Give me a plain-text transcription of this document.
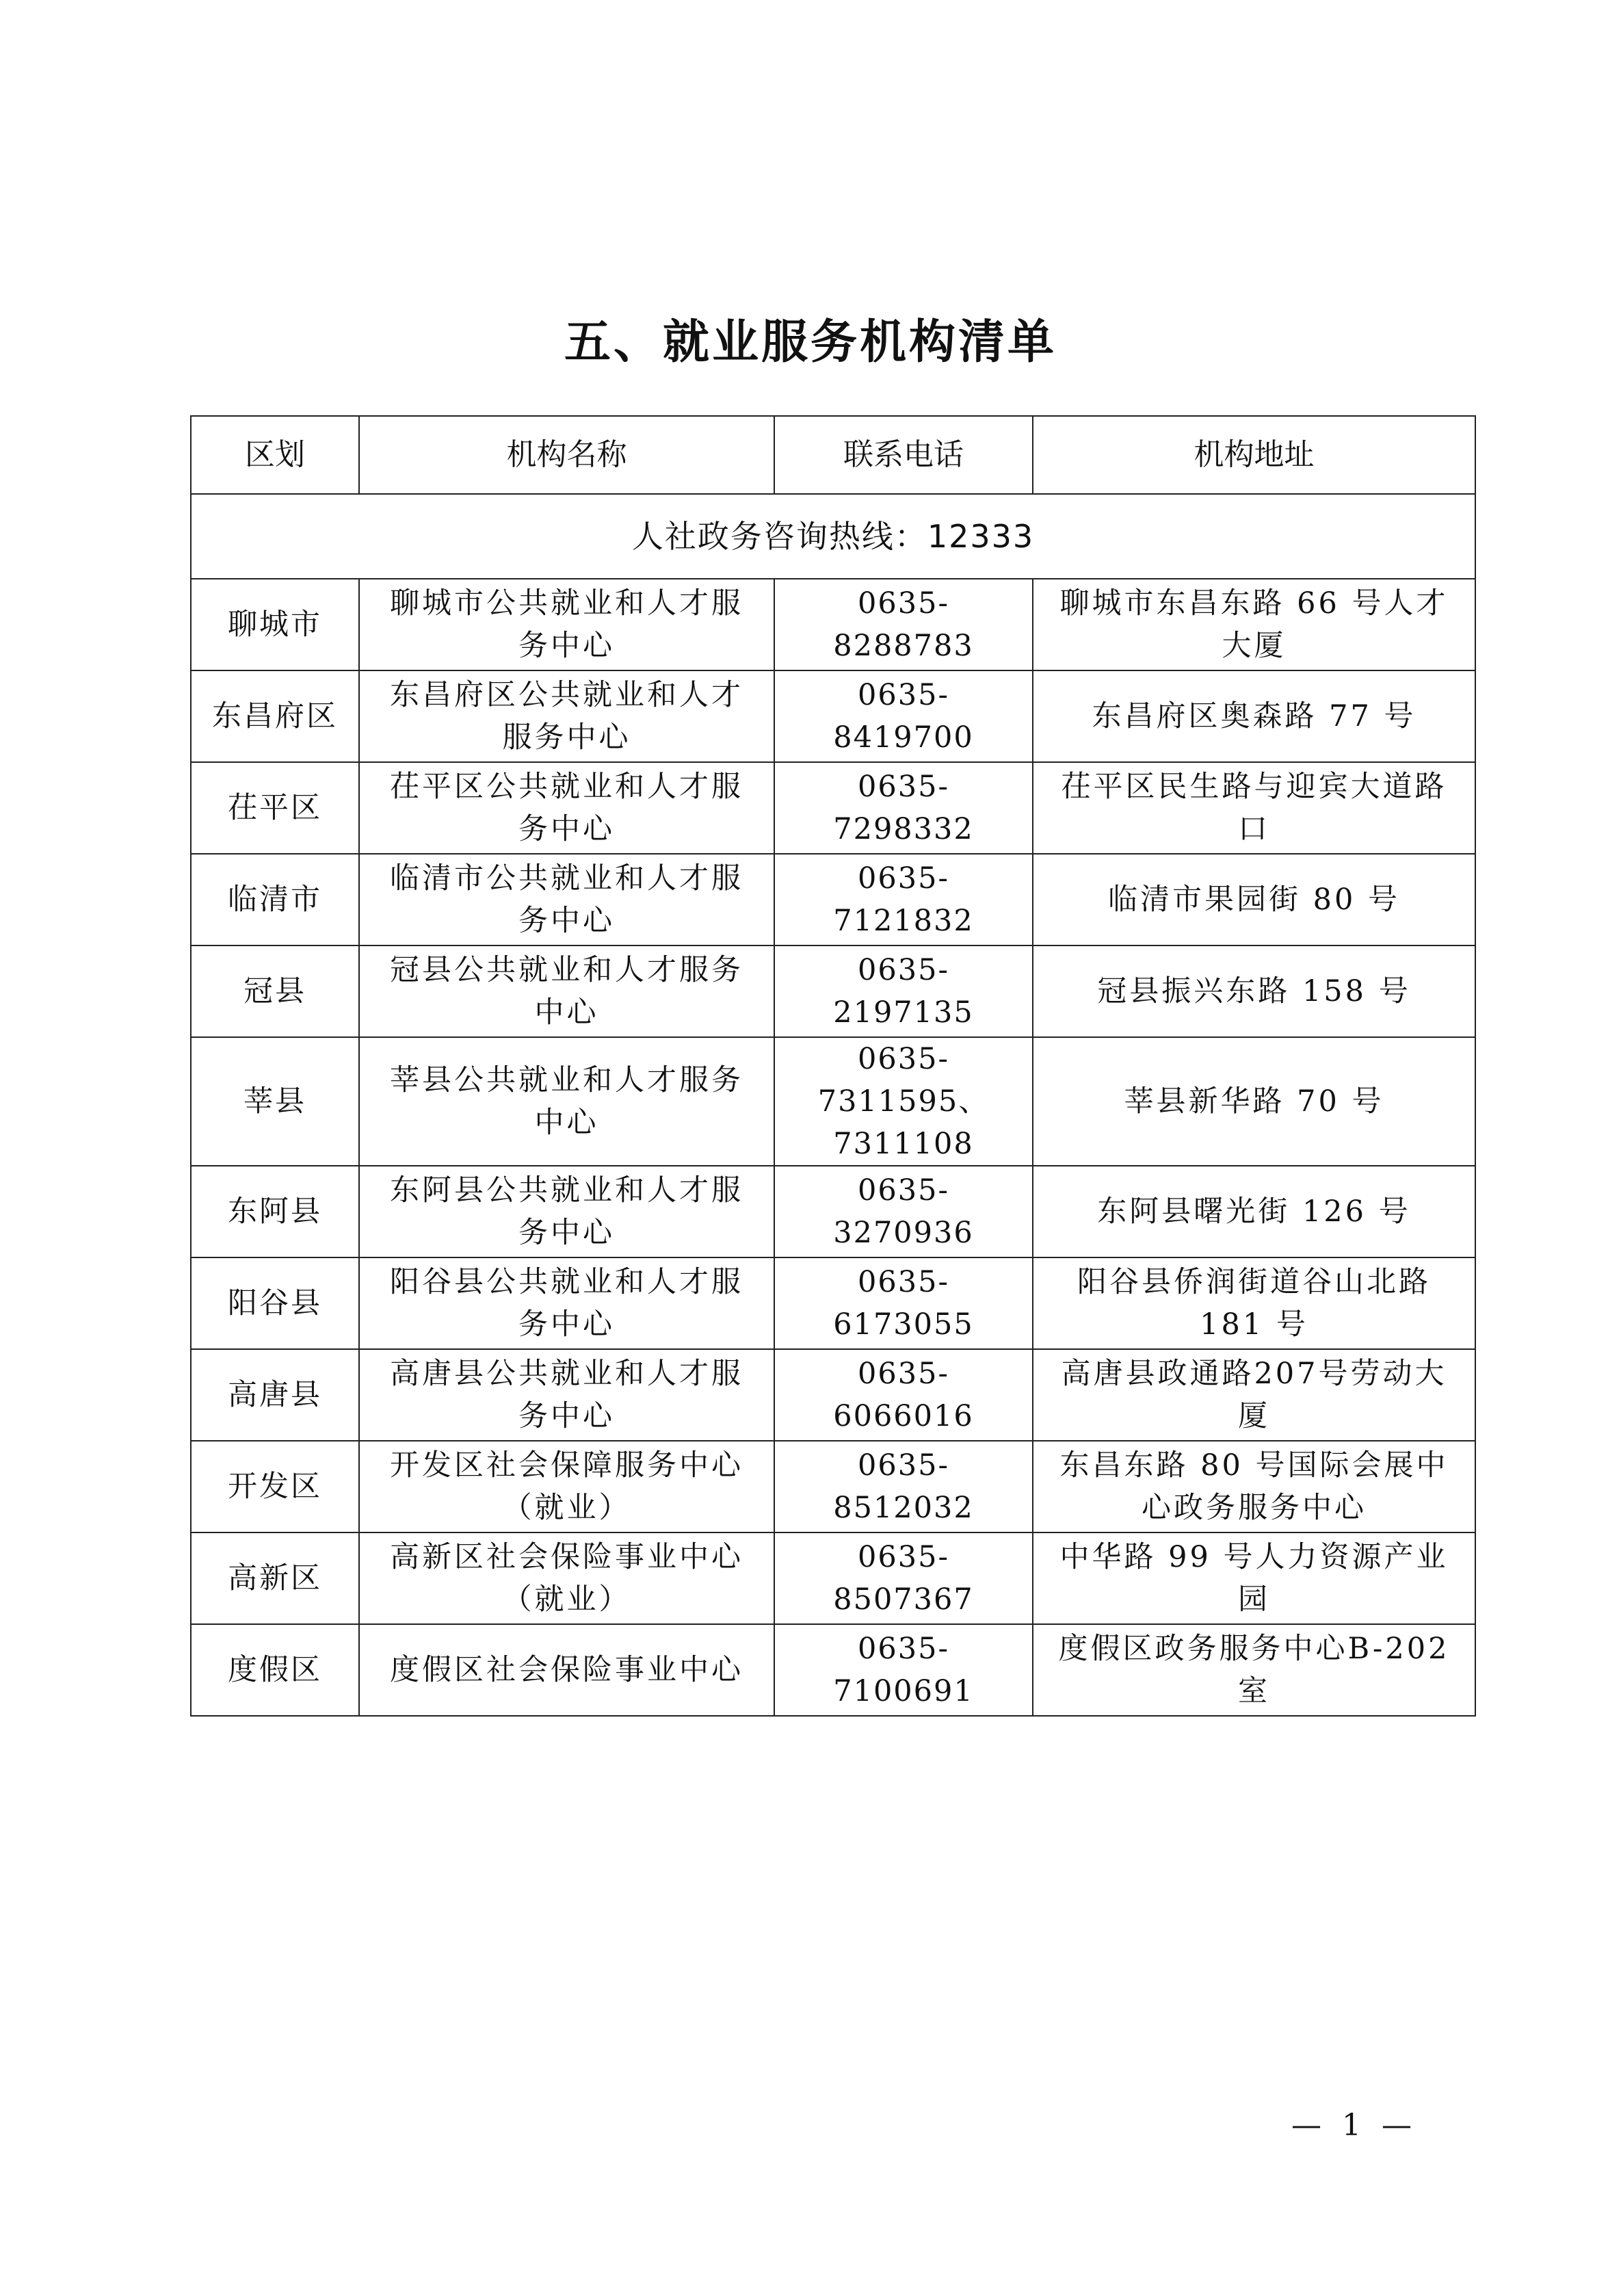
五、就业服务机构清单
区划	机构名称	联系电话	机构地址
人社政务咨询热线：12333			
聊城市	聊城市公共就业和人才服务中心	0635-8288783	聊城市东昌东路 66 号人才大厦
东昌府区	东昌府区公共就业和人才服务中心	0635-8419700	东昌府区奥森路 77 号
茌平区	茌平区公共就业和人才服务中心	0635-7298332	茌平区民生路与迎宾大道路口
临清市	临清市公共就业和人才服务中心	0635-7121832	临清市果园街 80 号
冠县	冠县公共就业和人才服务中心	0635-2197135	冠县振兴东路 158 号
莘县	莘县公共就业和人才服务中心	0635-7311595、7311108	莘县新华路 70 号
东阿县	东阿县公共就业和人才服务中心	0635-3270936	东阿县曙光街 126 号
阳谷县	阳谷县公共就业和人才服务中心	0635-6173055	阳谷县侨润街道谷山北路 181 号
高唐县	高唐县公共就业和人才服务中心	0635-6066016	高唐县政通路207号劳动大厦
开发区	开发区社会保障服务中心（就业）	0635-8512032	东昌东路 80 号国际会展中心政务服务中心
高新区	高新区社会保险事业中心（就业）	0635-8507367	中华路 99 号人力资源产业园
度假区	度假区社会保险事业中心	0635-7100691	度假区政务服务中心B-202室
— 1 —
